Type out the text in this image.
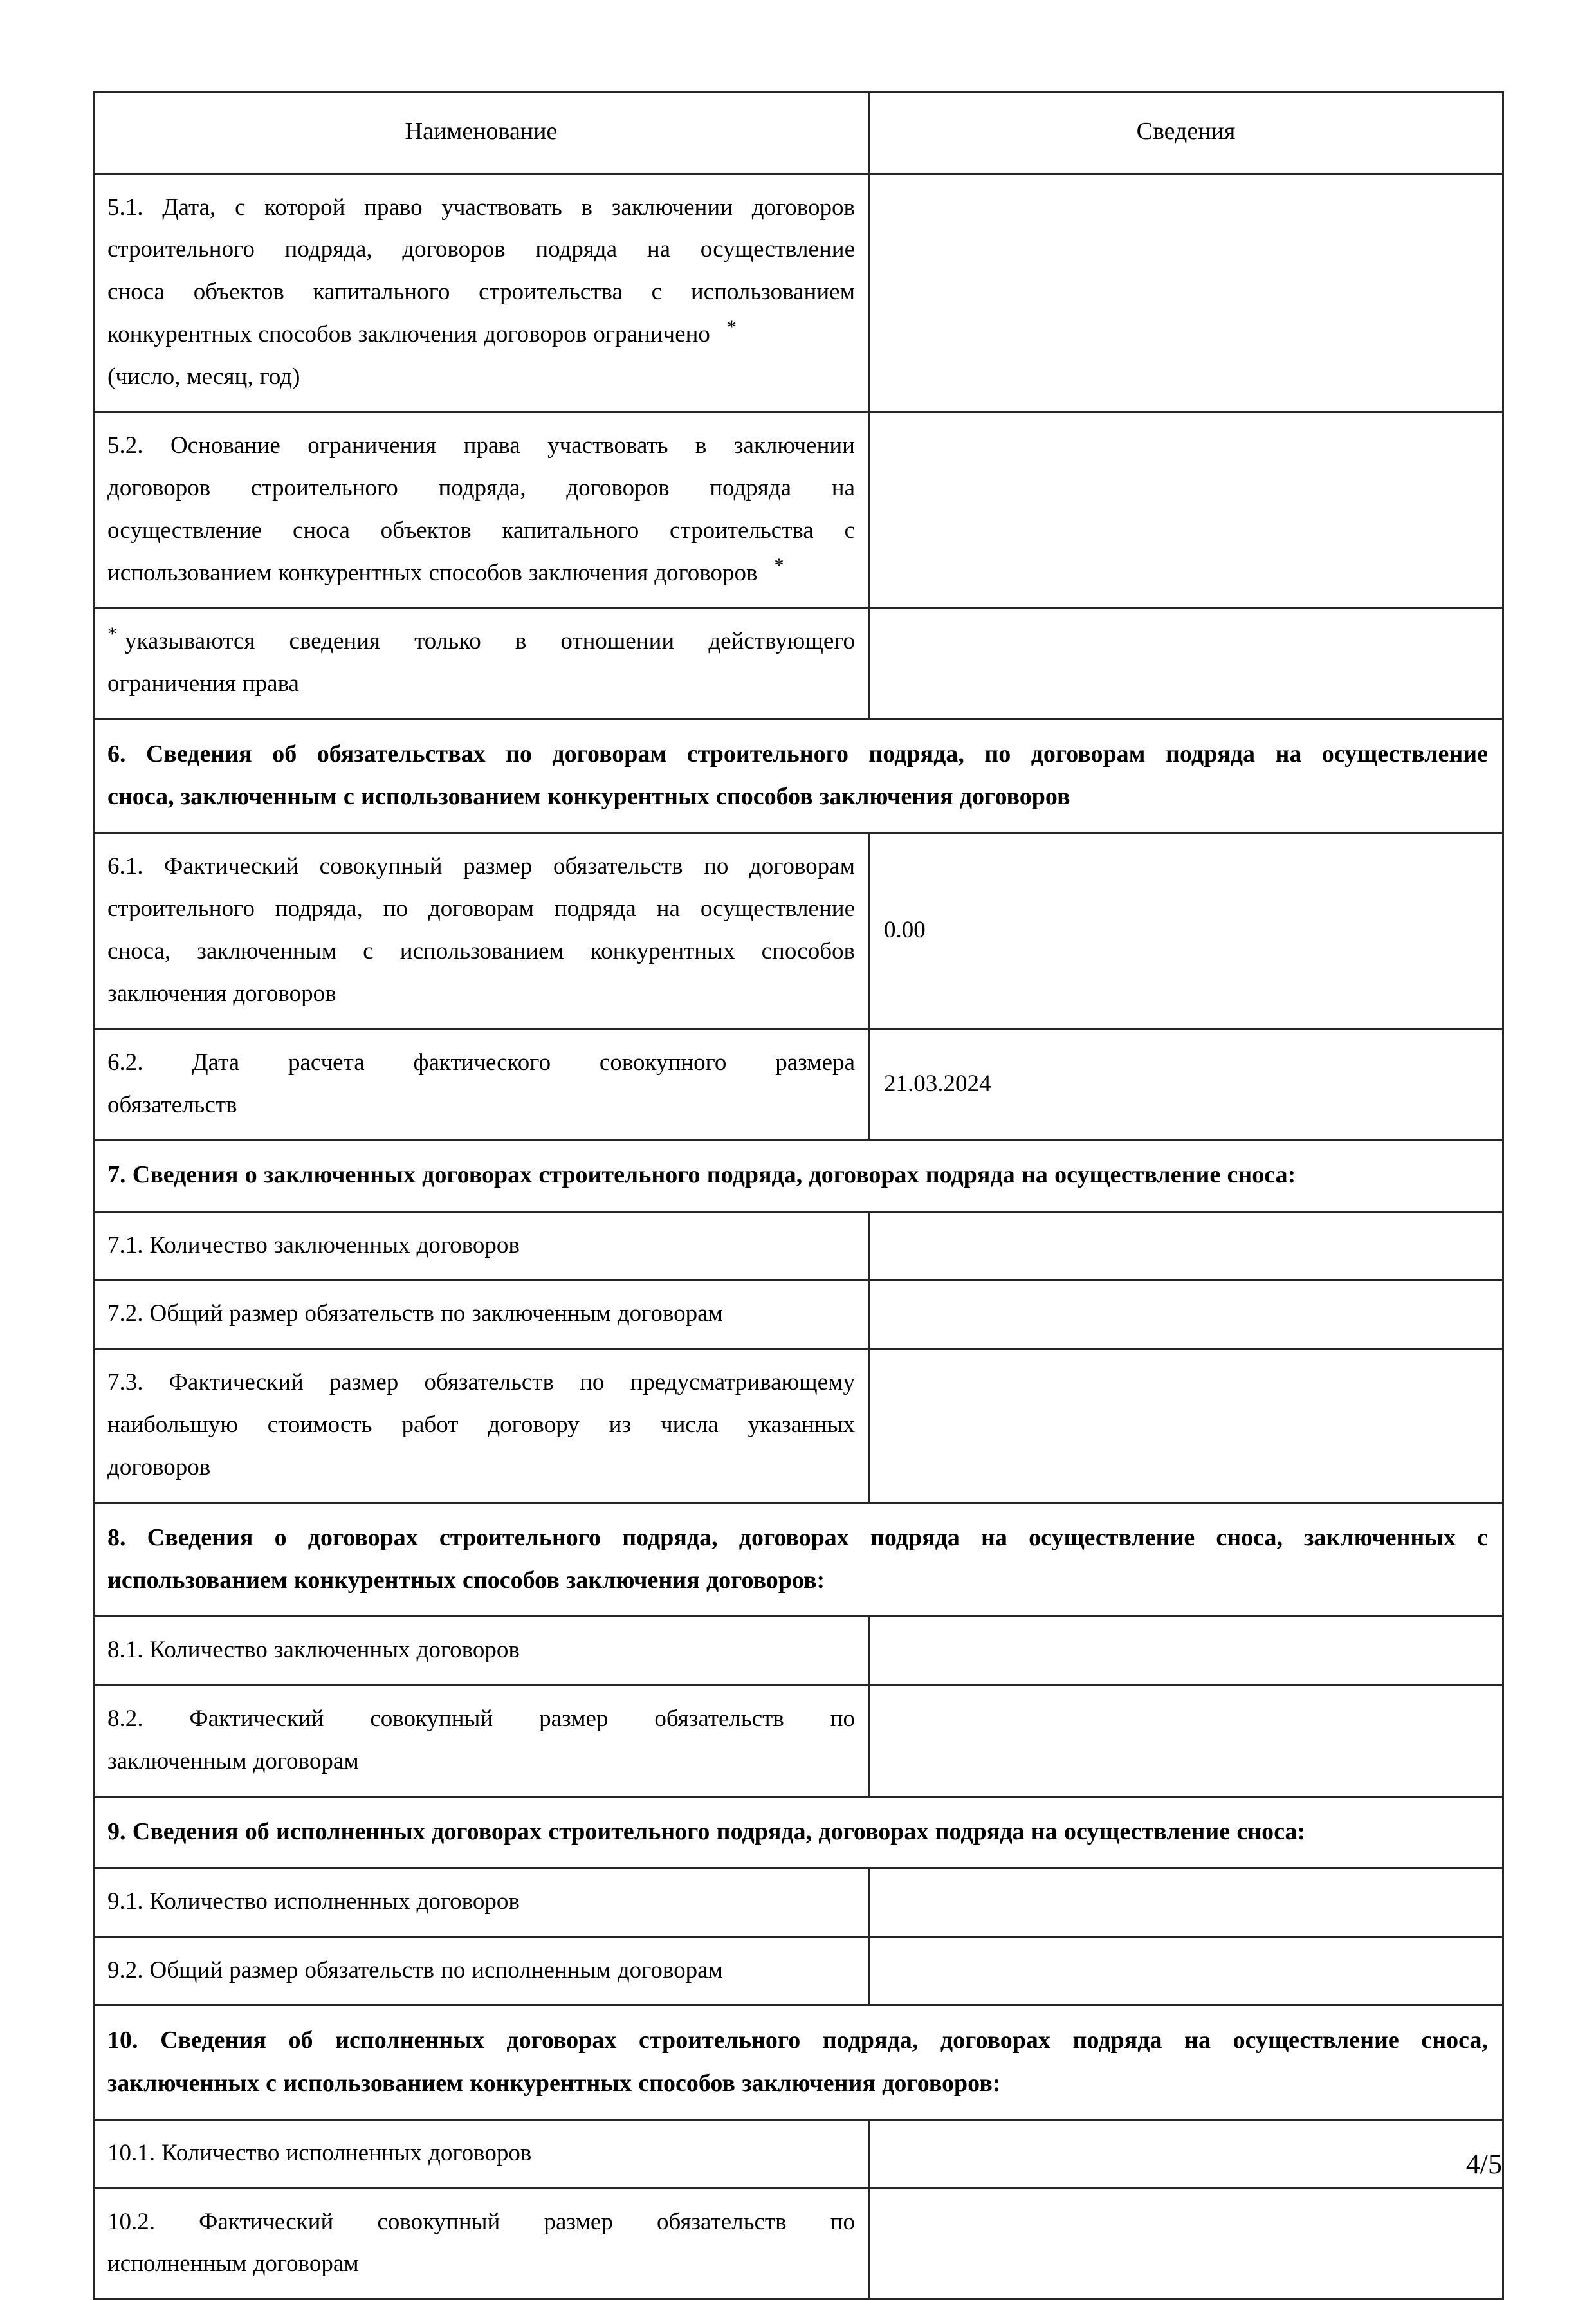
Наименование	Сведения

5.1. Дата, с которой право участвовать в заключении договоров
строительного подряда, договоров подряда на осуществление
сноса объектов капитального строительства с использованием
конкурентных способов заключения договоров ограничено *
(число, месяц, год)	

5.2. Основание ограничения права участвовать в заключении
договоров строительного подряда, договоров подряда на
осуществление сноса объектов капитального строительства с
использованием конкурентных способов заключения договоров *

* указываются сведения только в отношении действующего
ограничения права	

6. Сведения об обязательствах по договорам строительного подряда, по договорам подряда на осуществление
сноса, заключенным с использованием конкурентных способов заключения договоров	

6.1. Фактический совокупный размер обязательств по договорам
строительного подряда, по договорам подряда на осуществление
сноса, заключенным с использованием конкурентных способов
заключения договоров	0.00

6.2. Дата расчета фактического совокупного размера
обязательств	21.03.2024

7. Сведения о заключенных договорах строительного подряда, договорах подряда на осуществление сноса:	

7.1. Количество заключенных договоров	

7.2. Общий размер обязательств по заключенным договорам	

7.3. Фактический размер обязательств по предусматривающему
наибольшую стоимость работ договору из числа указанных
договоров	

8. Сведения о договорах строительного подряда, договорах подряда на осуществление сноса, заключенных с
использованием конкурентных способов заключения договоров:	

8.1. Количество заключенных договоров	

8.2. Фактический совокупный размер обязательств по
заключенным договорам	

9. Сведения об исполненных договорах строительного подряда, договорах подряда на осуществление сноса:	

9.1. Количество исполненных договоров	

9.2. Общий размер обязательств по исполненным договорам	

10. Сведения об исполненных договорах строительного подряда, договорах подряда на осуществление сноса,
заключенных с использованием конкурентных способов заключения договоров:	

10.1. Количество исполненных договоров	

10.2. Фактический совокупный размер обязательств по
исполненным договорам	

4/5
